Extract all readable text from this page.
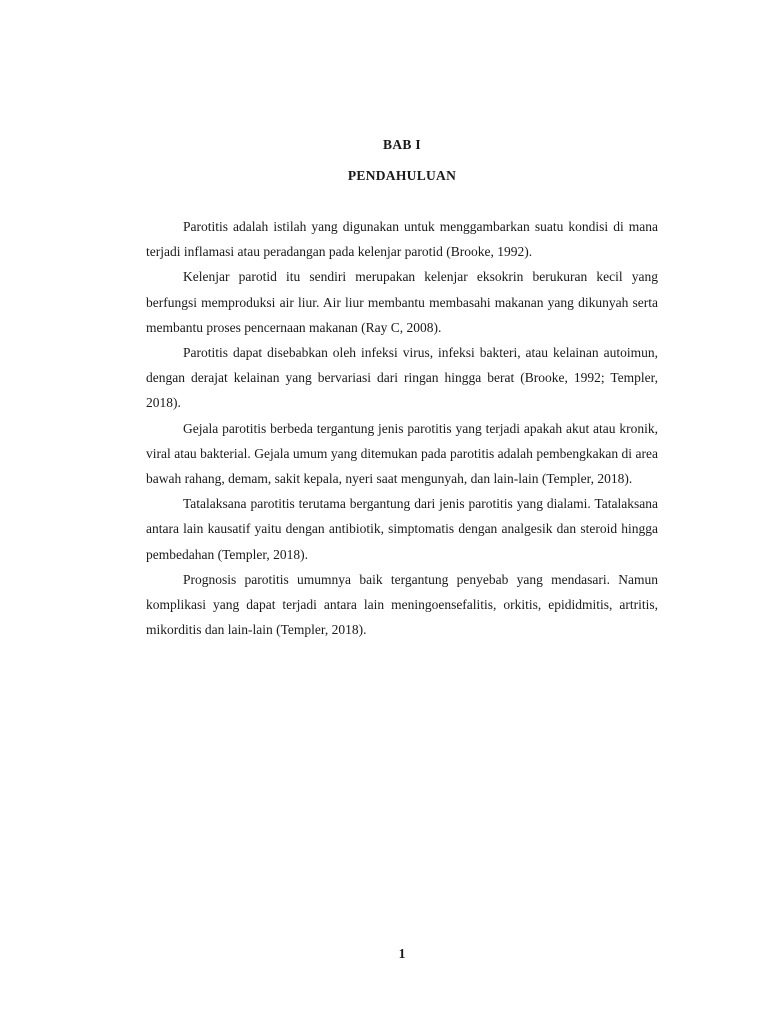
BAB I
PENDAHULUAN

Parotitis adalah istilah yang digunakan untuk menggambarkan suatu kondisi di mana terjadi inflamasi atau peradangan pada kelenjar parotid (Brooke, 1992).

Kelenjar parotid itu sendiri merupakan kelenjar eksokrin berukuran kecil yang berfungsi memproduksi air liur. Air liur membantu membasahi makanan yang dikunyah serta membantu proses pencernaan makanan (Ray C, 2008).

Parotitis dapat disebabkan oleh infeksi virus, infeksi bakteri, atau kelainan autoimun, dengan derajat kelainan yang bervariasi dari ringan hingga berat (Brooke, 1992; Templer, 2018).

Gejala parotitis berbeda tergantung jenis parotitis yang terjadi apakah akut atau kronik, viral atau bakterial. Gejala umum yang ditemukan pada parotitis adalah pembengkakan di area bawah rahang, demam, sakit kepala, nyeri saat mengunyah, dan lain-lain (Templer, 2018).

Tatalaksana parotitis terutama bergantung dari jenis parotitis yang dialami. Tatalaksana antara lain kausatif yaitu dengan antibiotik, simptomatis dengan analgesik dan steroid hingga pembedahan (Templer, 2018).

Prognosis parotitis umumnya baik tergantung penyebab yang mendasari. Namun komplikasi yang dapat terjadi antara lain meningoensefalitis, orkitis, epididmitis, artritis, mikorditis dan lain-lain (Templer, 2018).

1
